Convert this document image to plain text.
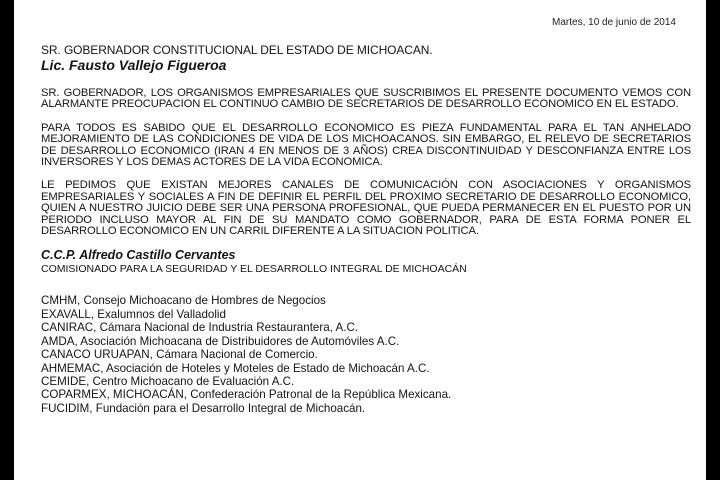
Martes, 10 de junio de 2014
SR. GOBERNADOR CONSTITUCIONAL DEL ESTADO DE MICHOACAN.
Lic. Fausto Vallejo Figueroa
SR. GOBERNADOR, LOS ORGANISMOS EMPRESARIALES QUE SUSCRIBIMOS EL PRESENTE DOCUMENTO VEMOS CON ALARMANTE PREOCUPACION EL CONTINUO CAMBIO DE SECRETARIOS DE DESARROLLO ECONOMICO EN EL ESTADO.
PARA TODOS ES SABIDO QUE EL DESARROLLO ECONOMICO ES PIEZA FUNDAMENTAL PARA EL TAN ANHELADO MEJORAMIENTO DE LAS CONDICIONES DE VIDA DE LOS MICHOACANOS. SIN EMBARGO, EL RELEVO DE SECRETARIOS DE DESARROLLO ECONOMICO (IRAN 4 EN MENOS DE 3 AÑOS) CREA DISCONTINUIDAD Y DESCONFIANZA ENTRE LOS INVERSORES Y LOS DEMAS ACTORES DE LA VIDA ECONOMICA.
LE PEDIMOS QUE EXISTAN MEJORES CANALES DE COMUNICACIÓN CON ASOCIACIONES Y ORGANISMOS EMPRESARIALES Y SOCIALES A FIN DE DEFINIR EL PERFIL DEL PROXIMO SECRETARIO DE DESARROLLO ECONOMICO, QUIEN A NUESTRO JUICIO DEBE SER UNA PERSONA PROFESIONAL, QUE PUEDA PERMANECER EN EL PUESTO POR UN PERIODO INCLUSO MAYOR AL FIN DE SU MANDATO COMO GOBERNADOR, PARA DE ESTA FORMA PONER EL DESARROLLO ECONOMICO EN UN CARRIL DIFERENTE A LA SITUACION POLITICA.
C.C.P. Alfredo Castillo Cervantes
COMISIONADO PARA LA SEGURIDAD Y EL DESARROLLO INTEGRAL DE MICHOACÁN
CMHM, Consejo Michoacano de Hombres de Negocios
EXAVALL, Exalumnos del Valladolid
CANIRAC, Cámara Nacional de Industria Restaurantera, A.C.
AMDA, Asociación Michoacana de Distribuidores de Automóviles A.C.
CANACO URUAPAN, Cámara Nacional de Comercio.
AHMEMAC, Asociación de Hoteles y Moteles de Estado de Michoacán A.C.
CEMIDE, Centro Michoacano de Evaluación A.C.
COPARMEX, MICHOACÁN, Confederación Patronal de la República Mexicana.
FUCIDIM, Fundación para el Desarrollo Integral de Michoacán.
